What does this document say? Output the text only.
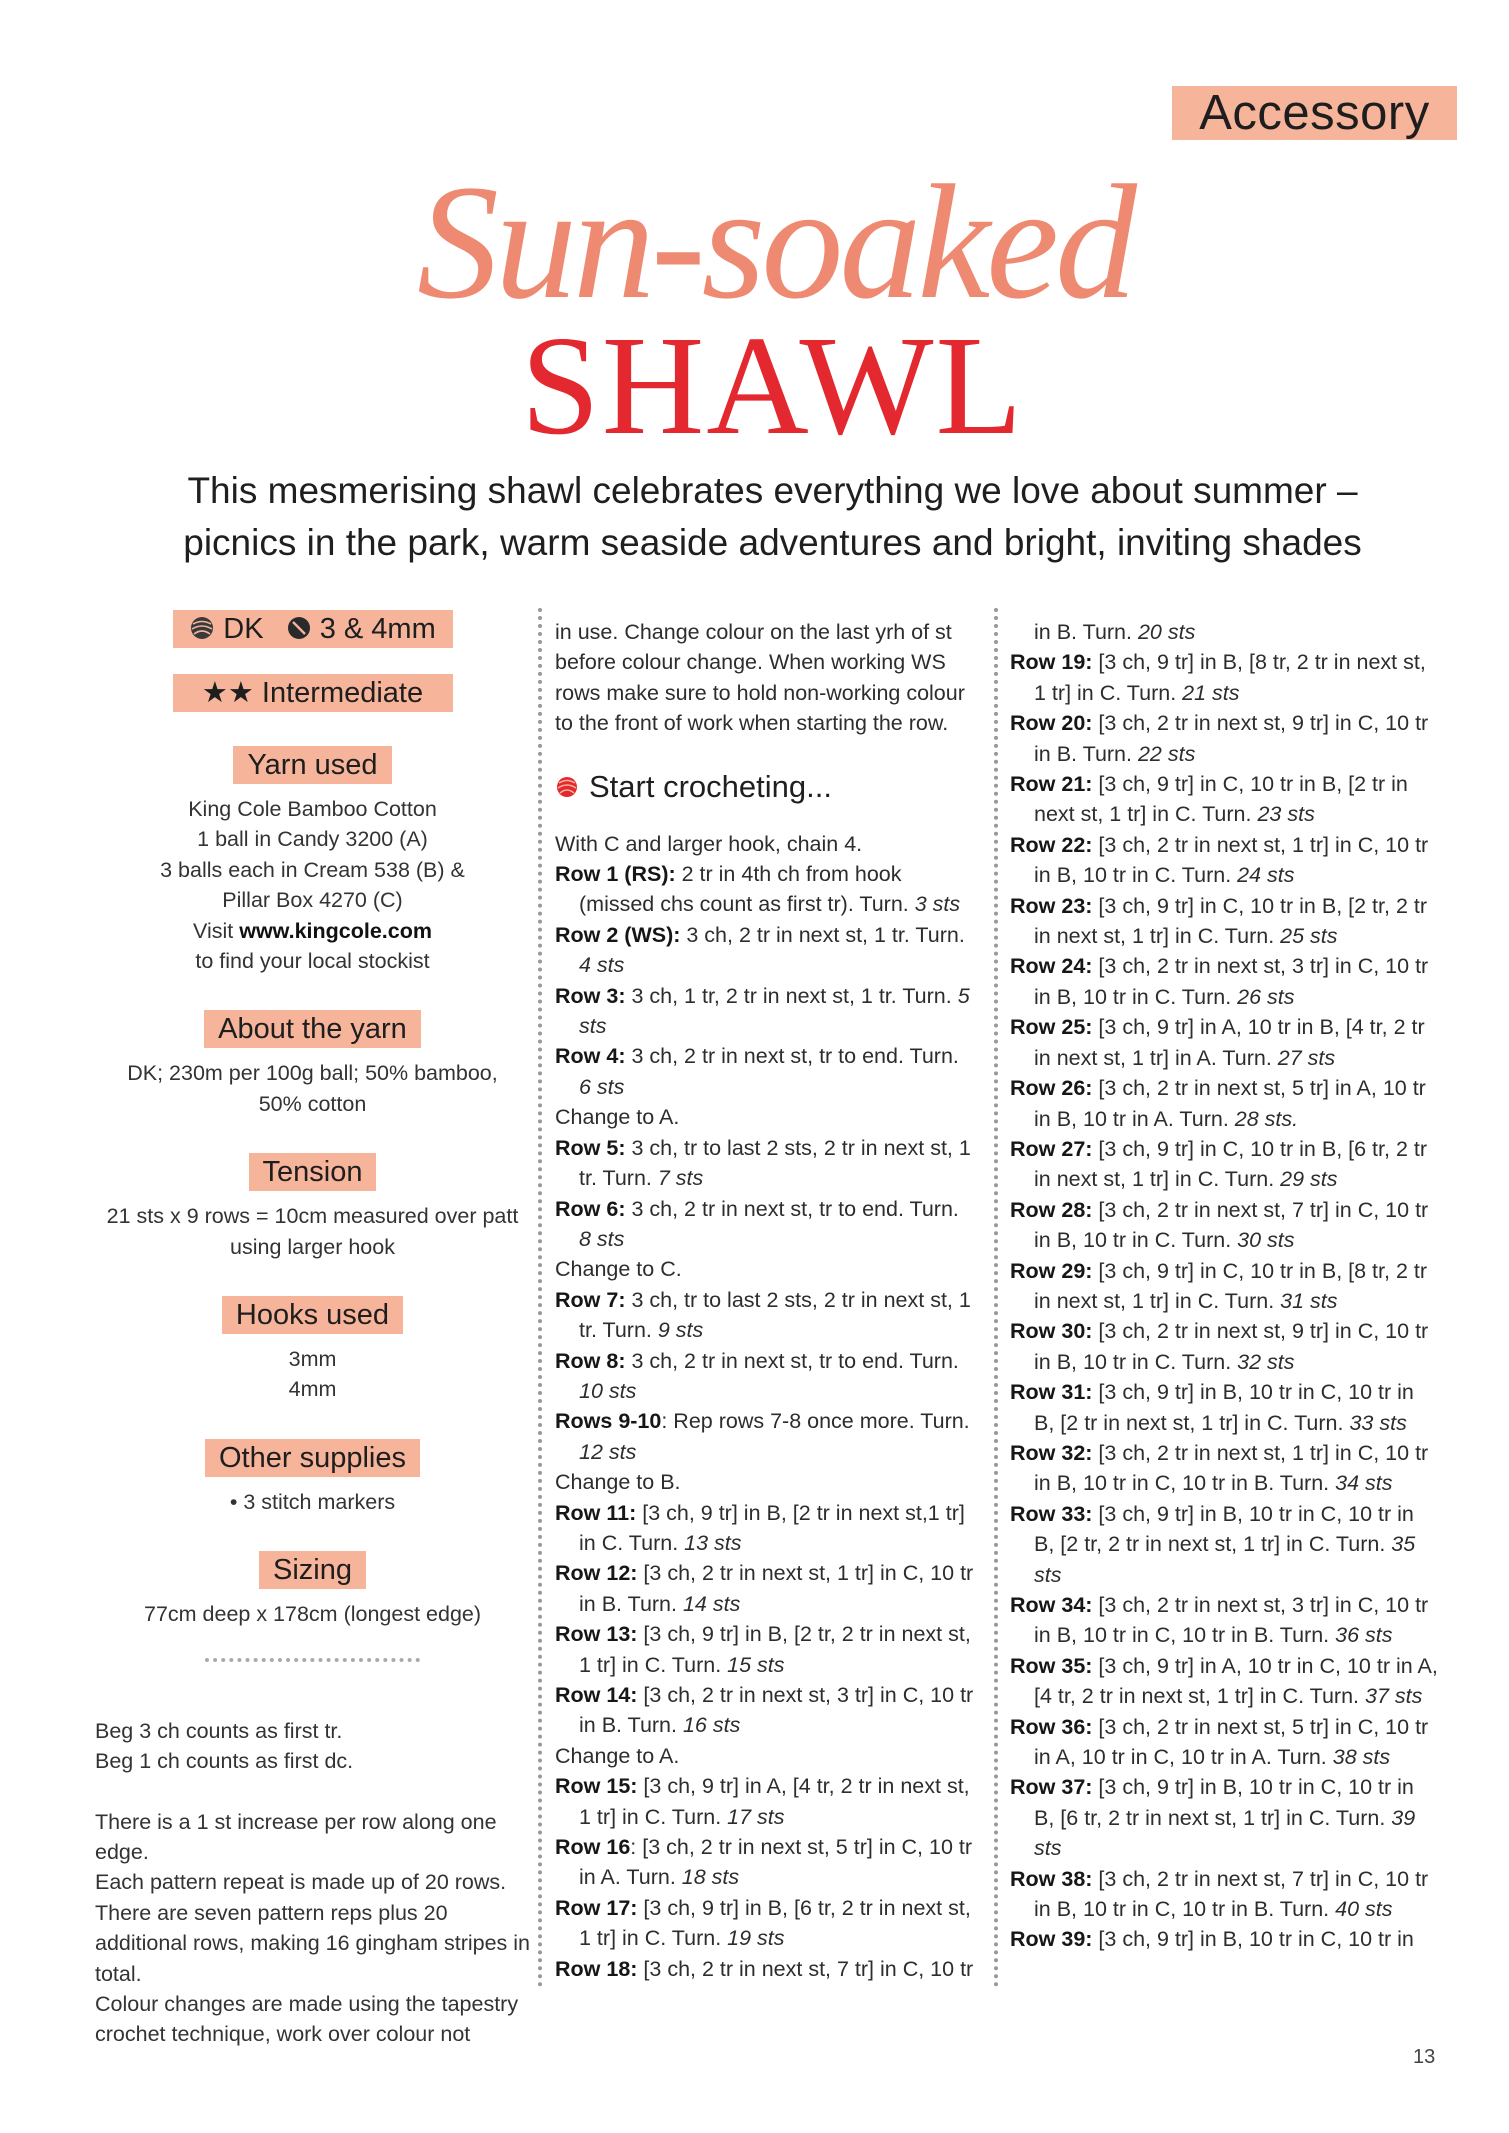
Accessory
Sun-soaked
SHAWL
This mesmerising shawl celebrates everything we love about summer –
picnics in the park, warm seaside adventures and bright, inviting shades
DK 3 & 4mm
★★ Intermediate
Yarn used
King Cole Bamboo Cotton
1 ball in Candy 3200 (A)
3 balls each in Cream 538 (B) &
Pillar Box 4270 (C)
Visit www.kingcole.com
to find your local stockist
About the yarn
DK; 230m per 100g ball; 50% bamboo,
50% cotton
Tension
21 sts x 9 rows = 10cm measured over patt
using larger hook
Hooks used
3mm
4mm
Other supplies
• 3 stitch markers
Sizing
77cm deep x 178cm (longest edge)

Beg 3 ch counts as first tr.

Beg 1 ch counts as first dc.

There is a 1 st increase per row along one edge.

Each pattern repeat is made up of 20 rows. There are seven pattern reps plus 20 additional rows, making 16 gingham stripes in total.

Colour changes are made using the tapestry crochet technique, work over colour not

in use. Change colour on the last yrh of st before colour change. When working WS rows make sure to hold non-working colour to the front of work when starting the row.

Start crocheting...

With C and larger hook, chain 4.

Row 1 (RS): 2 tr in 4th ch from hook (missed chs count as first tr). Turn. 3 sts

Row 2 (WS): 3 ch, 2 tr in next st, 1 tr. Turn. 4 sts

Row 3: 3 ch, 1 tr, 2 tr in next st, 1 tr. Turn. 5 sts

Row 4: 3 ch, 2 tr in next st, tr to end. Turn. 6 sts

Change to A.

Row 5: 3 ch, tr to last 2 sts, 2 tr in next st, 1 tr. Turn. 7 sts

Row 6: 3 ch, 2 tr in next st, tr to end. Turn. 8 sts

Change to C.

Row 7: 3 ch, tr to last 2 sts, 2 tr in next st, 1 tr. Turn. 9 sts

Row 8: 3 ch, 2 tr in next st, tr to end. Turn. 10 sts

Rows 9-10: Rep rows 7-8 once more. Turn. 12 sts

Change to B.

Row 11: [3 ch, 9 tr] in B, [2 tr in next st,1 tr] in C. Turn. 13 sts

Row 12: [3 ch, 2 tr in next st, 1 tr] in C, 10 tr in B. Turn. 14 sts

Row 13: [3 ch, 9 tr] in B, [2 tr, 2 tr in next st, 1 tr] in C. Turn. 15 sts

Row 14: [3 ch, 2 tr in next st, 3 tr] in C, 10 tr in B. Turn. 16 sts

Change to A.

Row 15: [3 ch, 9 tr] in A, [4 tr, 2 tr in next st, 1 tr] in C. Turn. 17 sts

Row 16: [3 ch, 2 tr in next st, 5 tr] in C, 10 tr in A. Turn. 18 sts

Row 17: [3 ch, 9 tr] in B, [6 tr, 2 tr in next st, 1 tr] in C. Turn. 19 sts

Row 18: [3 ch, 2 tr in next st, 7 tr] in C, 10 tr

in B. Turn. 20 sts

Row 19: [3 ch, 9 tr] in B, [8 tr, 2 tr in next st, 1 tr] in C. Turn. 21 sts

Row 20: [3 ch, 2 tr in next st, 9 tr] in C, 10 tr in B. Turn. 22 sts

Row 21: [3 ch, 9 tr] in C, 10 tr in B, [2 tr in next st, 1 tr] in C. Turn. 23 sts

Row 22: [3 ch, 2 tr in next st, 1 tr] in C, 10 tr in B, 10 tr in C. Turn. 24 sts

Row 23: [3 ch, 9 tr] in C, 10 tr in B, [2 tr, 2 tr in next st, 1 tr] in C. Turn. 25 sts

Row 24: [3 ch, 2 tr in next st, 3 tr] in C, 10 tr in B, 10 tr in C. Turn. 26 sts

Row 25: [3 ch, 9 tr] in A, 10 tr in B, [4 tr, 2 tr in next st, 1 tr] in A. Turn. 27 sts

Row 26: [3 ch, 2 tr in next st, 5 tr] in A, 10 tr in B, 10 tr in A. Turn. 28 sts.

Row 27: [3 ch, 9 tr] in C, 10 tr in B, [6 tr, 2 tr in next st, 1 tr] in C. Turn. 29 sts

Row 28: [3 ch, 2 tr in next st, 7 tr] in C, 10 tr in B, 10 tr in C. Turn. 30 sts

Row 29: [3 ch, 9 tr] in C, 10 tr in B, [8 tr, 2 tr in next st, 1 tr] in C. Turn. 31 sts

Row 30: [3 ch, 2 tr in next st, 9 tr] in C, 10 tr in B, 10 tr in C. Turn. 32 sts

Row 31: [3 ch, 9 tr] in B, 10 tr in C, 10 tr in B, [2 tr in next st, 1 tr] in C. Turn. 33 sts

Row 32: [3 ch, 2 tr in next st, 1 tr] in C, 10 tr in B, 10 tr in C, 10 tr in B. Turn. 34 sts

Row 33: [3 ch, 9 tr] in B, 10 tr in C, 10 tr in B, [2 tr, 2 tr in next st, 1 tr] in C. Turn. 35 sts

Row 34: [3 ch, 2 tr in next st, 3 tr] in C, 10 tr in B, 10 tr in C, 10 tr in B. Turn. 36 sts

Row 35: [3 ch, 9 tr] in A, 10 tr in C, 10 tr in A, [4 tr, 2 tr in next st, 1 tr] in C. Turn. 37 sts

Row 36: [3 ch, 2 tr in next st, 5 tr] in C, 10 tr in A, 10 tr in C, 10 tr in A. Turn. 38 sts

Row 37: [3 ch, 9 tr] in B, 10 tr in C, 10 tr in B, [6 tr, 2 tr in next st, 1 tr] in C. Turn. 39 sts

Row 38: [3 ch, 2 tr in next st, 7 tr] in C, 10 tr in B, 10 tr in C, 10 tr in B. Turn. 40 sts

Row 39: [3 ch, 9 tr] in B, 10 tr in C, 10 tr in

13
